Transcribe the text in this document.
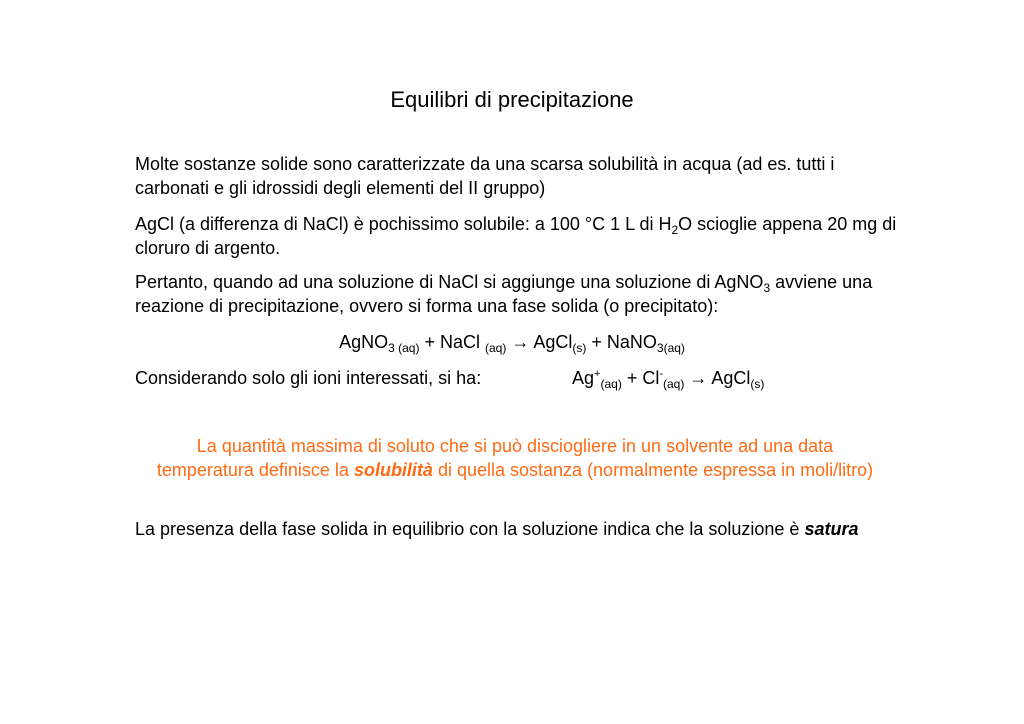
Equilibri di precipitazione
Molte sostanze solide sono caratterizzate da una scarsa solubilità in acqua (ad es. tutti i carbonati e gli idrossidi degli elementi del II gruppo)
AgCl (a differenza di NaCl) è pochissimo solubile: a 100 °C 1 L di $H_2O$ scioglie appena 20 mg di cloruro di argento.
Pertanto, quando ad una soluzione di NaCl si aggiunge una soluzione di AgNO$_3$ avviene una reazione di precipitazione, ovvero si forma una fase solida (o precipitato):
AgNO$_{3 (aq)}$ + NaCl $_{(aq)}$ → AgCl$_{(s)}$ + NaNO$_{3(aq)}$
Considerando solo gli ioni interessati, si ha:	$Ag^+_{(aq)} + Cl^-_{(aq)}$ → AgCl$_{(s)}$
La quantità massima di soluto che si può disciogliere in un solvente ad una data temperatura definisce la solubilità di quella sostanza (normalmente espressa in moli/litro)
La presenza della fase solida in equilibrio con la soluzione indica che la soluzione è satura
